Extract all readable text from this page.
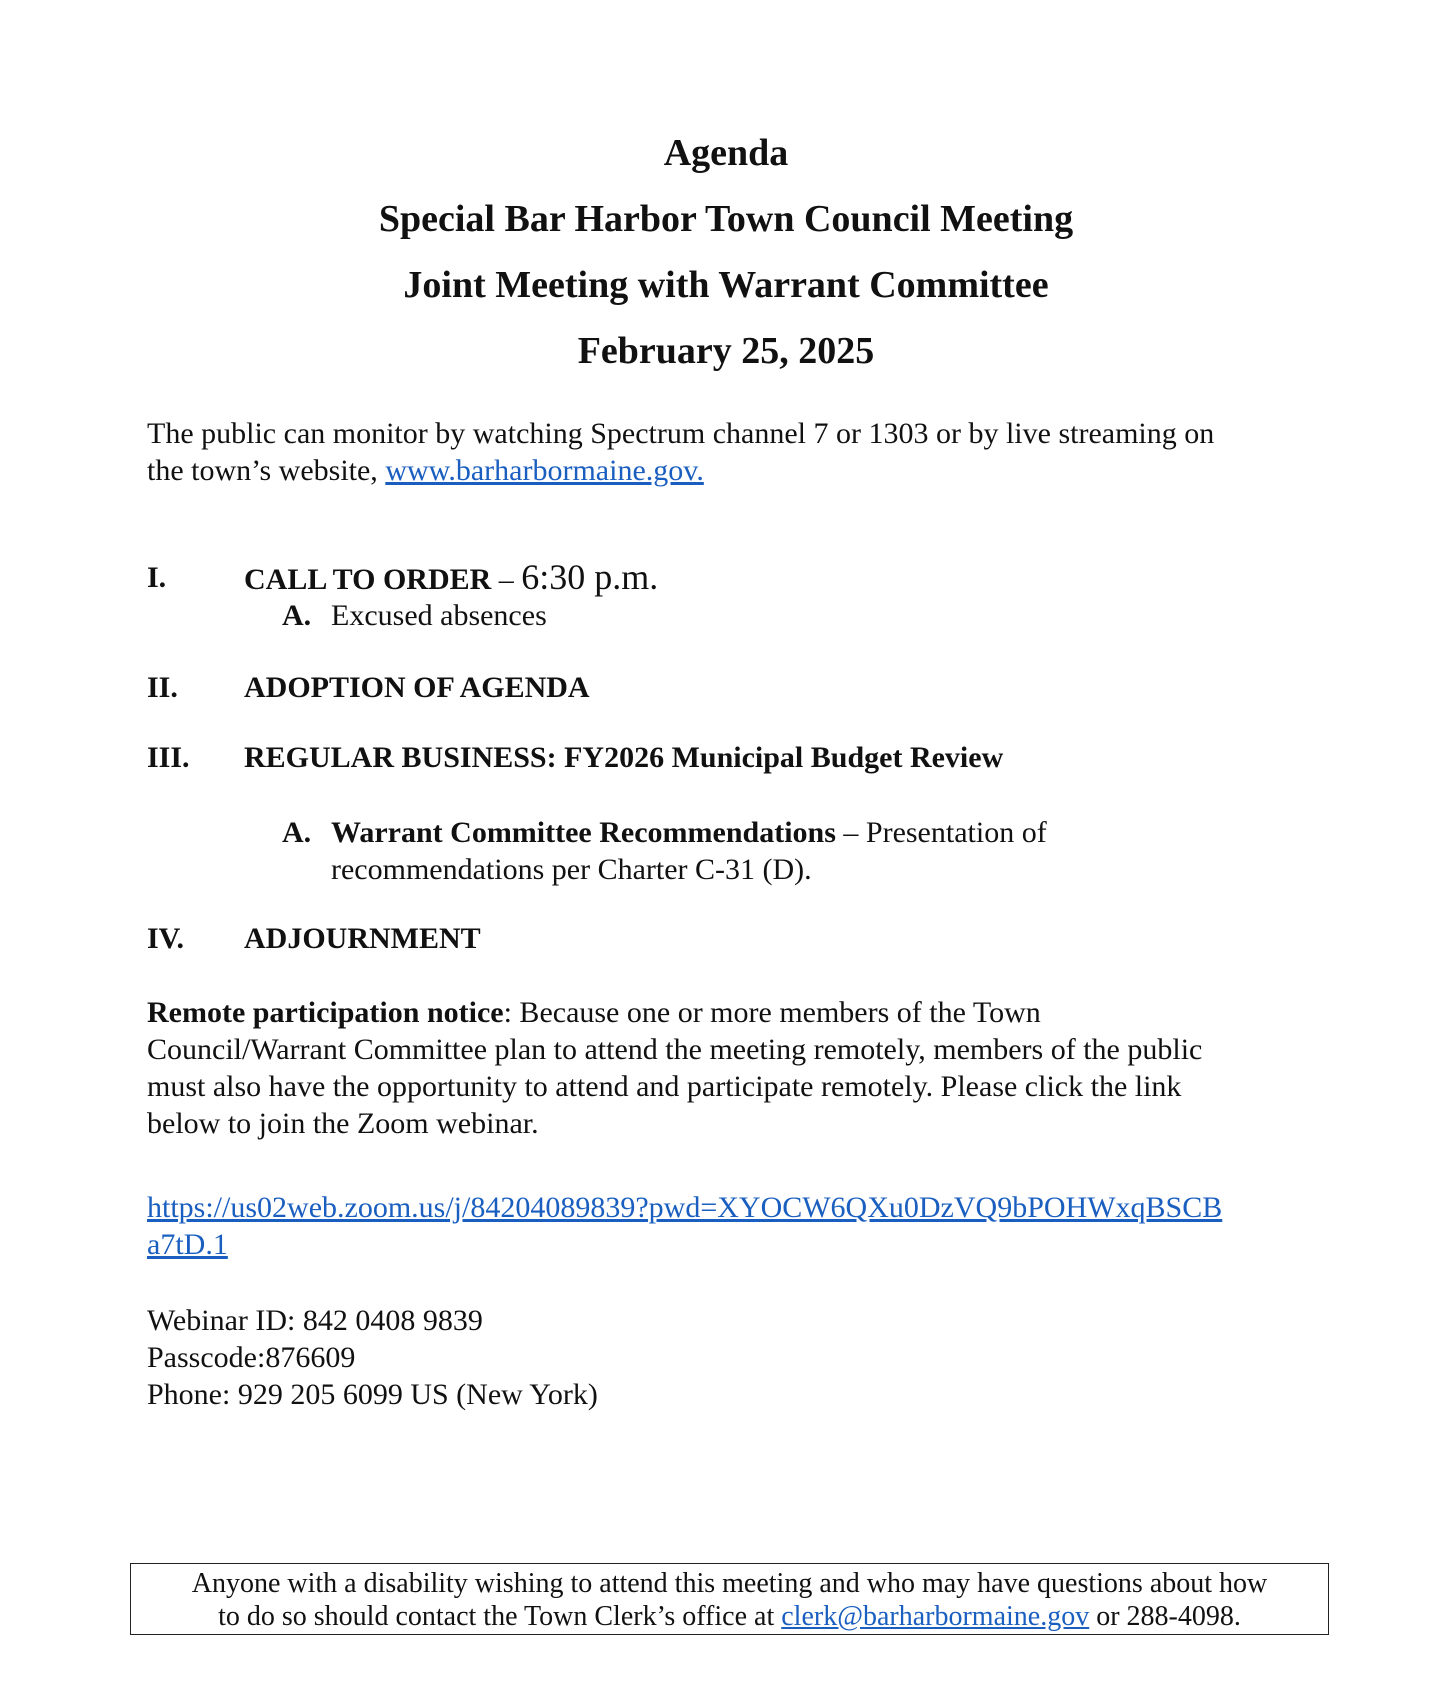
Agenda
Special Bar Harbor Town Council Meeting
Joint Meeting with Warrant Committee
February 25, 2025
The public can monitor by watching Spectrum channel 7 or 1303 or by live streaming on
the town’s website, www.barharbormaine.gov.
I.	CALL TO ORDER – 6:30 p.m.
A. Excused absences
II. ADOPTION OF AGENDA
III. REGULAR BUSINESS: FY2026 Municipal Budget Review
A. Warrant Committee Recommendations – Presentation of
recommendations per Charter C-31 (D).
IV. ADJOURNMENT
Remote participation notice: Because one or more members of the Town
Council/Warrant Committee plan to attend the meeting remotely, members of the public
must also have the opportunity to attend and participate remotely. Please click the link
below to join the Zoom webinar.
https://us02web.zoom.us/j/84204089839?pwd=XYOCW6QXu0DzVQ9bPOHWxqBSCB
a7tD.1
Webinar ID: 842 0408 9839
Passcode:876609
Phone: 929 205 6099 US (New York)
Anyone with a disability wishing to attend this meeting and who may have questions about how
to do so should contact the Town Clerk’s office at clerk@barharbormaine.gov or 288-4098.
